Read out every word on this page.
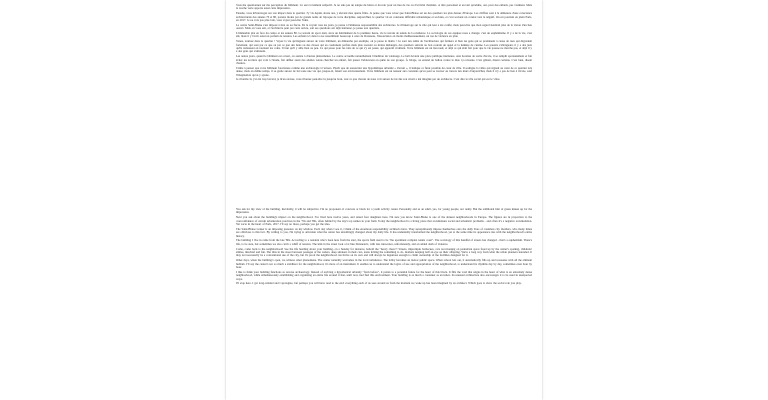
Vous me questionnez sur ma perception du bâtiment. Ce sera forcément subjectif. Je ne suis pas un adepte du béton et du noir pour un lieu de vie ou d'activité d'enfants. À titre personnel et en tant qu'adulte, oui, pour des enfants, pas vraiment. Mais la touche verte apporte aussi cette impression.

Ensuite, vous m'interrogez sur son impact dans le quartier. J'y vis depuis douze ans, y élevant mes quatre filles. Je pense que vous savez que Saint-Blaise est un des quartiers les plus denses d'Europe. Les chiffres sont à la démesure d'une conscience architecturale des années 70 et 80, portées moins par de grands noms de l'époque de votre discipline. Aujourd'hui, le quartier vit en constante difficulté urbanistique et sociales, et c'est souvent un constat vers le négatif. On est pourtant en plein Paris, en 2017. Je ne vois pas plus loin, vous voyez peut-être l'idée.

Le centre Saint-Blaise s'est imposé à moi ou au fiacre. En le voyant tous les jours, je pense à l'immense responsabilité des architectes. Je m'interroge sur le rôle qui leur a été confié, mais peut-être que mon regard tiendrait plus de la vision d'un lieu ouvert. Mais on vous sait, et l'architecte peut par cette œuvre, soit ses questions ont déjà intéressé, je pense aux quartiers.

L'immeuble plat en face du centre et les années 80. Le terrain de sport était, alors un habillement de la première heure, vie le terrain de tennis de la résidence. La sociologie de ces équipes nous a changé, c'est un euphémisme. Il y a de la vie, c'est sûr, mais il y l'écrit aussi un parfum de tension. Les enfants ici dans la rue ressemblent beaucoup à ceux de Doisneau, l'insouciance en moins malheureusement, un ton de violence en plus.

Venez, tournez dans le quartier ! Voyez la vie qu'élaguent autour de votre bâtiment, un dimanche par exemple, où je passe le matin ! Ce sont des tamis de l'architecture qui fermera si bien les gens qui se promènent à cause de rues qui dégradent fortement, qui sont par ce que ou par ce que des liens ou des choses qui en conduisent parfois mais plus souvent ou moins mélangés, des quartiers suivent au bon courant un appel et la lumière de cuisine. Les parents s'allongeant, il y a des jeux qu'ils ramassent en tournant les coins. Il faut qu'il y aille bien ou peu. Ce qui passe pour les toits de ce qui s'y est passé, qui apparaît vraiment. Votre bâtiment est un lieu neuf, et déjà ce qui était fait pour que la vie pousse ne marche pas, et déjà il y a des gens qui s'amusent.

Les autres jours, quand le bâtiment est ouvert, on assiste à d'autres phénomènes. Le centre accueille naturellement l'étudition du voisinage. Le hall devient une place publique intérieure. Aux horaires de sortie d'école, il se remplit spontanément et fait éviter les écoliers qui vont à l'étude, fait défiler aussi des adultes venus chercher un enfant, fait passer l'adolescent en quête de son groupe. À l'étage, on entend un ballon contre le mur. Ça résonne. C'est gênant, disent certains. C'est bien, disent d'autres.

J'aime à penser que votre bâtiment fonctionne comme une archéologie à l'envers. Plutôt que de ressusciter une hypothétique urbanité « d'avant », il indique ce futur possible du cœur de ville. Il souligne la vidéo qui régnait au cœur de ce quartier très dense, mais en même temps, il se garde autour de lui toute une vie qui, jusque-là, faisait son environnement. Votre bâtiment est un tenseur aux constants qu'on peut se trouver au travers des murs d'aujourd'hui, mais il n'y a pas de lien à l'école, sauf l'imagination qu'on y ajoute.

Je m'arrête là, j'ai été trop bavard, je m'en excuse, vous m'aurez peut-être lu jusqu'au bout, tout ce que chacun de nous voit autour de lui dès son réveil a été imaginé par un architecte. C'est dire le rôle social qui est le vôtre.

You ask for my view of the building. Inevitably, it will be subjective. I'm no proponent of concrete or black for a youth activity center. Personally and as an adult, yes, for young people, not really. But the additional hint of green makes up for the impression.

Next you ask about the building's impact on the neighborhood. I've lived here twelve years, and raised four daughters here. I'm sure you know Saint-Blaise is one of the densest neighborhoods in Europe. The figures are in proportion to the overconfidence of certain urbanization practices in the '70s and '80s, often behind by the day's top names in your field. Today the neighborhood is a living place that accumulates social and urbanistic problems - and often it's a negative accumulation. Yet we're in the heart of Paris, 2017. I'll say no more, perhaps you get the idea.

The Saint-Blaise Center is an imposing presence on my window. Each day when I see it, I think of the enormous responsibility architects have. They surreptitiously impose themselves onto the daily lives of countless city dwellers, who many times are oblivious to this fact. By writing to you, I'm trying to articulate what the center has unwittingly changed about my daily life. It has undeniably transformed the neighborhood, yet at the same time its appearance ties with the neighborhood's entire history.

The building I live in came from the late '80s. According to a resident who's been here from the start, the sports field used to be "the apartment complex tennis court". The sociology of this handful of streets has changed - that's a euphemism. There's life, to be sure, but sometimes we also catch a whiff of tension. The kids in the street look a lot like Doisneau's, with less innocence, unfortunately, and an added dash of violence.

Come, come back to the neighborhood! See the life bustling about your building, on a Sunday for instance, behold the "heavy chaos"! Streets, impromptu barbecues, cars reconvening on pedestrian space freed up by the center's opening, childrens' smiles, mischief and fun. The dins in the street between passages of the wafers, deep smokers in their cars, teens itching the something to do, mothers keeping half an eye on their offspring. We're a long way from what the urban planners intended. It may not necessarily be a conventional use of the city, but it's proof the neighborhood can thrive on its own and will always be ingenious enough to claim ownership of the facilities designed for it.

Other days, when the building's open, we witness other phenomena. The center naturally welcomes in the local turbulence. The lobby becomes an indoor public space. When school lets out, it automatically fills up and resonates with all the ambient hubbub. I'll say the center's not so much a stabilizer for the neighborhood, it's more of an instrument. It enables us to understand the logics of use and appropriation of the neighborhood, to understand its rhythms day by day, sometimes even hour by hour.

I like to think your building functions as reverse archaeology. Instead of reviving a hypothetical urbanity "from before", it points to a potential future for the heart of this block. It fills the void that reigns in the heart of what is an extremely dense neighborhood, while simultaneously establishing and organizing an entire life around it that, until now, had fled this environment. Your building is as much a container as an index. Its unusual architecture also encourages it to be used in unexpected ways.

I'll stop here. I got long-winded and I apologize, but perhaps you will have read to the end: everything each of us sees around us from the moment we wake up has been imagined by an architect. Which goes to show the social role you play.
